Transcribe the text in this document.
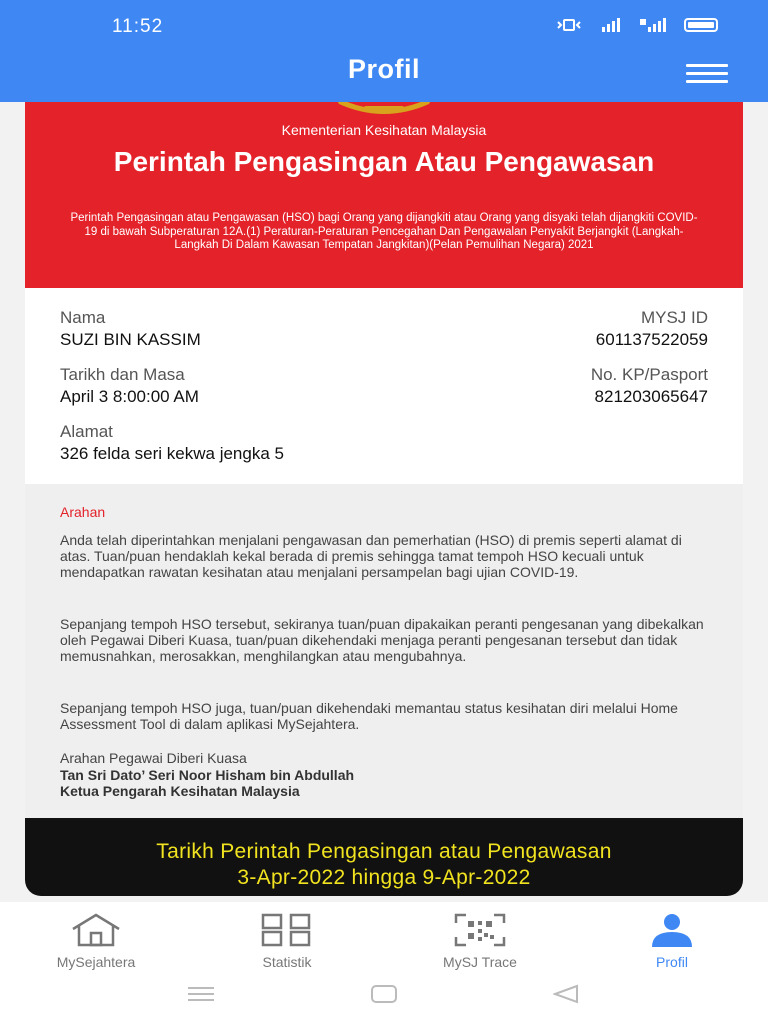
11:52
Profil
Kementerian Kesihatan Malaysia
Perintah Pengasingan Atau Pengawasan
Perintah Pengasingan atau Pengawasan (HSO) bagi Orang yang dijangkiti atau Orang yang disyaki telah dijangkiti COVID-19 di bawah Subperaturan 12A.(1) Peraturan-Peraturan Pencegahan Dan Pengawalan Penyakit Berjangkit (Langkah-Langkah Di Dalam Kawasan Tempatan Jangkitan)(Pelan Pemulihan Negara) 2021
Nama
SUZI BIN KASSIM
MYSJ ID
601137522059
Tarikh dan Masa
April 3 8:00:00 AM
No. KP/Pasport
821203065647
Alamat
326 felda seri kekwa jengka 5
Arahan

Anda telah diperintahkan menjalani pengawasan dan pemerhatian (HSO) di premis seperti alamat di atas. Tuan/puan hendaklah kekal berada di premis sehingga tamat tempoh HSO kecuali untuk mendapatkan rawatan kesihatan atau menjalani persampelan bagi ujian COVID-19.

Sepanjang tempoh HSO tersebut, sekiranya tuan/puan dipakaikan peranti pengesanan yang dibekalkan oleh Pegawai Diberi Kuasa, tuan/puan dikehendaki menjaga peranti pengesanan tersebut dan tidak memusnahkan, merosakkan, menghilangkan atau mengubahnya.

Sepanjang tempoh HSO juga, tuan/puan dikehendaki memantau status kesihatan diri melalui Home Assessment Tool di dalam aplikasi MySejahtera.

Arahan Pegawai Diberi Kuasa
Tan Sri Dato’ Seri Noor Hisham bin Abdullah
Ketua Pengarah Kesihatan Malaysia
Tarikh Perintah Pengasingan atau Pengawasan
3-Apr-2022 hingga 9-Apr-2022
MySejahtera	Statistik	MySJ Trace	Profil
